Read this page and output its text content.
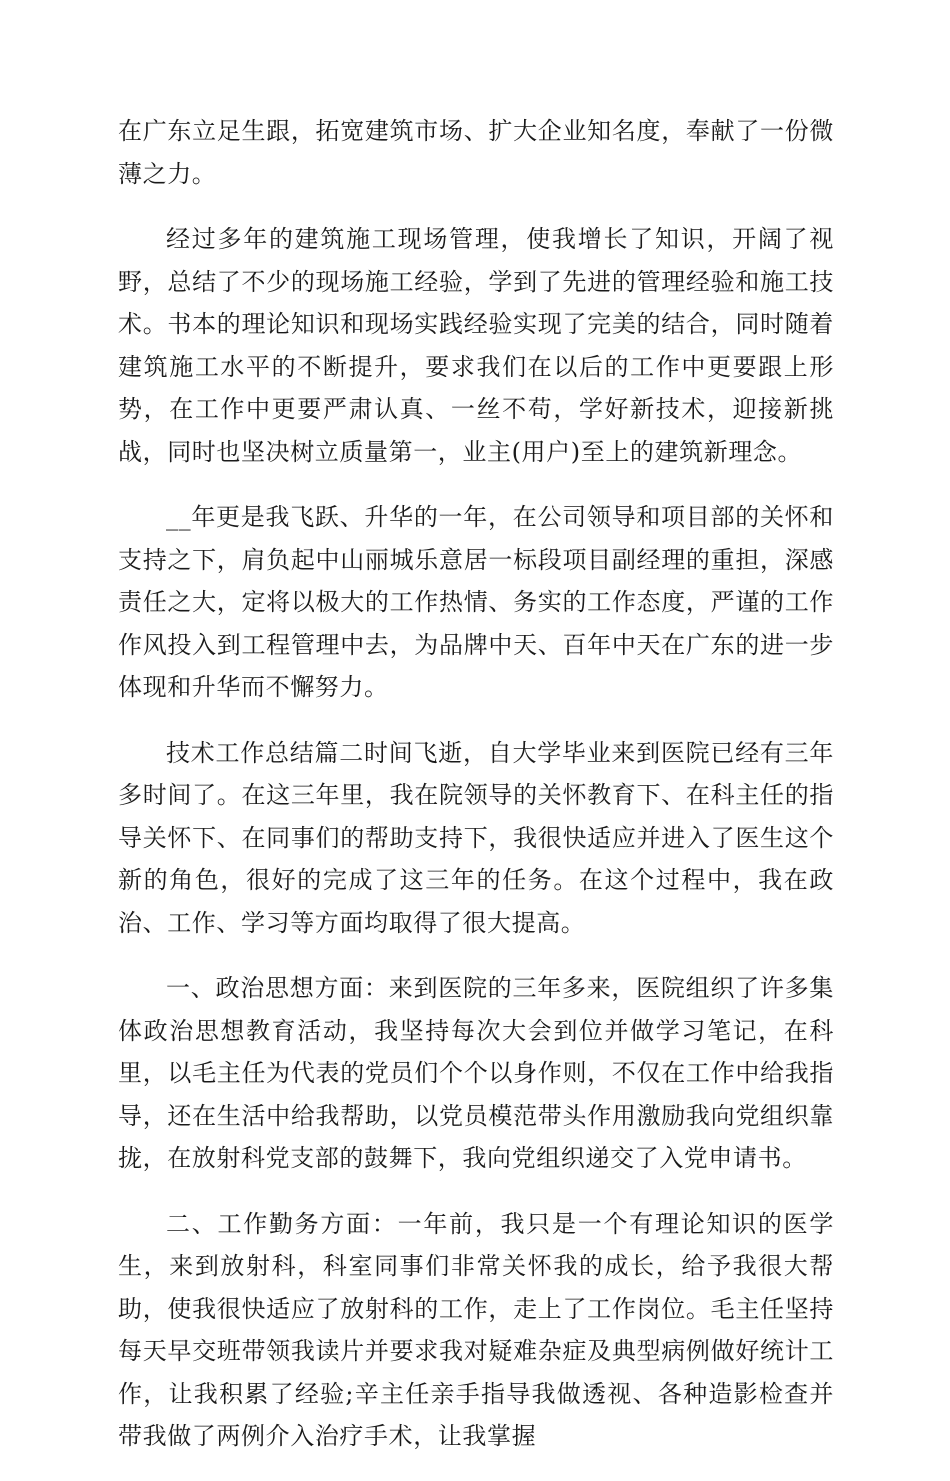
在广东立足生跟，拓宽建筑市场、扩大企业知名度，奉献了一份微薄之力。

经过多年的建筑施工现场管理，使我增长了知识，开阔了视野，总结了不少的现场施工经验，学到了先进的管理经验和施工技术。书本的理论知识和现场实践经验实现了完美的结合，同时随着建筑施工水平的不断提升，要求我们在以后的工作中更要跟上形势，在工作中更要严肃认真、一丝不苟，学好新技术，迎接新挑战，同时也坚决树立质量第一，业主(用户)至上的建筑新理念。

__年更是我飞跃、升华的一年，在公司领导和项目部的关怀和支持之下，肩负起中山丽城乐意居一标段项目副经理的重担，深感责任之大，定将以极大的工作热情、务实的工作态度，严谨的工作作风投入到工程管理中去，为品牌中天、百年中天在广东的进一步体现和升华而不懈努力。

技术工作总结篇二时间飞逝，自大学毕业来到医院已经有三年多时间了。在这三年里，我在院领导的关怀教育下、在科主任的指导关怀下、在同事们的帮助支持下，我很快适应并进入了医生这个新的角色，很好的完成了这三年的任务。在这个过程中，我在政治、工作、学习等方面均取得了很大提高。

一、政治思想方面：来到医院的三年多来，医院组织了许多集体政治思想教育活动，我坚持每次大会到位并做学习笔记，在科里，以毛主任为代表的党员们个个以身作则，不仅在工作中给我指导，还在生活中给我帮助，以党员模范带头作用激励我向党组织靠拢，在放射科党支部的鼓舞下，我向党组织递交了入党申请书。

二、工作勤务方面：一年前，我只是一个有理论知识的医学生，来到放射科，科室同事们非常关怀我的成长，给予我很大帮助，使我很快适应了放射科的工作，走上了工作岗位。毛主任坚持每天早交班带领我读片并要求我对疑难杂症及典型病例做好统计工作，让我积累了经验;辛主任亲手指导我做透视、各种造影检查并带我做了两例介入治疗手术，让我掌握
